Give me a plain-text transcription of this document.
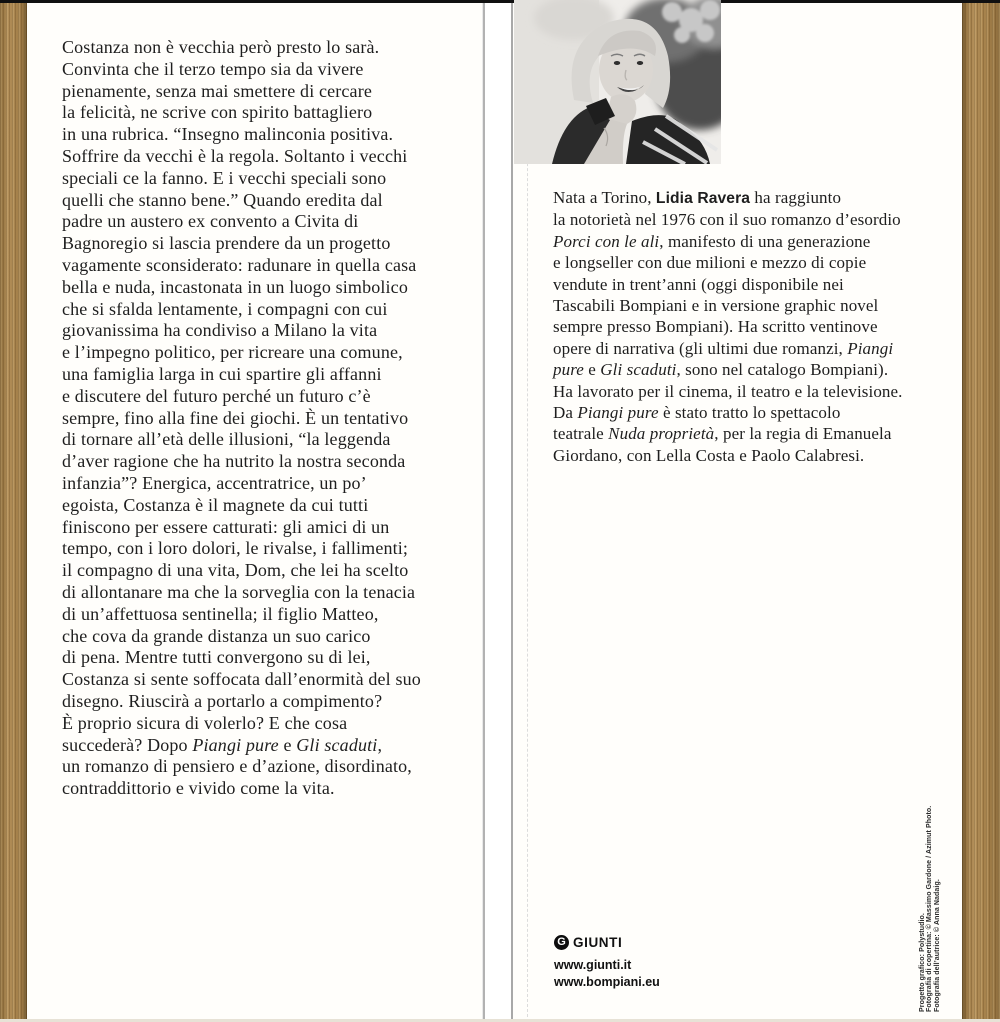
Costanza non è vecchia però presto lo sarà.
Convinta che il terzo tempo sia da vivere
pienamente, senza mai smettere di cercare
la felicità, ne scrive con spirito battagliero
in una rubrica. “Insegno malinconia positiva.
Soffrire da vecchi è la regola. Soltanto i vecchi
speciali ce la fanno. E i vecchi speciali sono
quelli che stanno bene.” Quando eredita dal
padre un austero ex convento a Civita di
Bagnoregio si lascia prendere da un progetto
vagamente sconsiderato: radunare in quella casa
bella e nuda, incastonata in un luogo simbolico
che si sfalda lentamente, i compagni con cui
giovanissima ha condiviso a Milano la vita
e l’impegno politico, per ricreare una comune,
una famiglia larga in cui spartire gli affanni
e discutere del futuro perché un futuro c’è
sempre, fino alla fine dei giochi. È un tentativo
di tornare all’età delle illusioni, “la leggenda
d’aver ragione che ha nutrito la nostra seconda
infanzia”? Energica, accentratrice, un po’
egoista, Costanza è il magnete da cui tutti
finiscono per essere catturati: gli amici di un
tempo, con i loro dolori, le rivalse, i fallimenti;
il compagno di una vita, Dom, che lei ha scelto
di allontanare ma che la sorveglia con la tenacia
di un’affettuosa sentinella; il figlio Matteo,
che cova da grande distanza un suo carico
di pena. Mentre tutti convergono su di lei,
Costanza si sente soffocata dall’enormità del suo
disegno. Riuscirà a portarlo a compimento?
È proprio sicura di volerlo? E che cosa
succederà? Dopo Piangi pure e Gli scaduti,
un romanzo di pensiero e d’azione, disordinato,
contraddittorio e vivido come la vita.
Nata a Torino, Lidia Ravera ha raggiunto
la notorietà nel 1976 con il suo romanzo d’esordio
Porci con le ali, manifesto di una generazione
e longseller con due milioni e mezzo di copie
vendute in trent’anni (oggi disponibile nei
Tascabili Bompiani e in versione graphic novel
sempre presso Bompiani). Ha scritto ventinove
opere di narrativa (gli ultimi due romanzi, Piangi
pure e Gli scaduti, sono nel catalogo Bompiani).
Ha lavorato per il cinema, il teatro e la televisione.
Da Piangi pure è stato tratto lo spettacolo
teatrale Nuda proprietà, per la regia di Emanuela
Giordano, con Lella Costa e Paolo Calabresi.
G GIUNTI
www.giunti.it
www.bompiani.eu	Progetto grafico: Polystudio. Fotografia di copertina: © Massimo Gardone / Azimut Photo. Fotografia dell’autrice: © Anna Nadaig.
